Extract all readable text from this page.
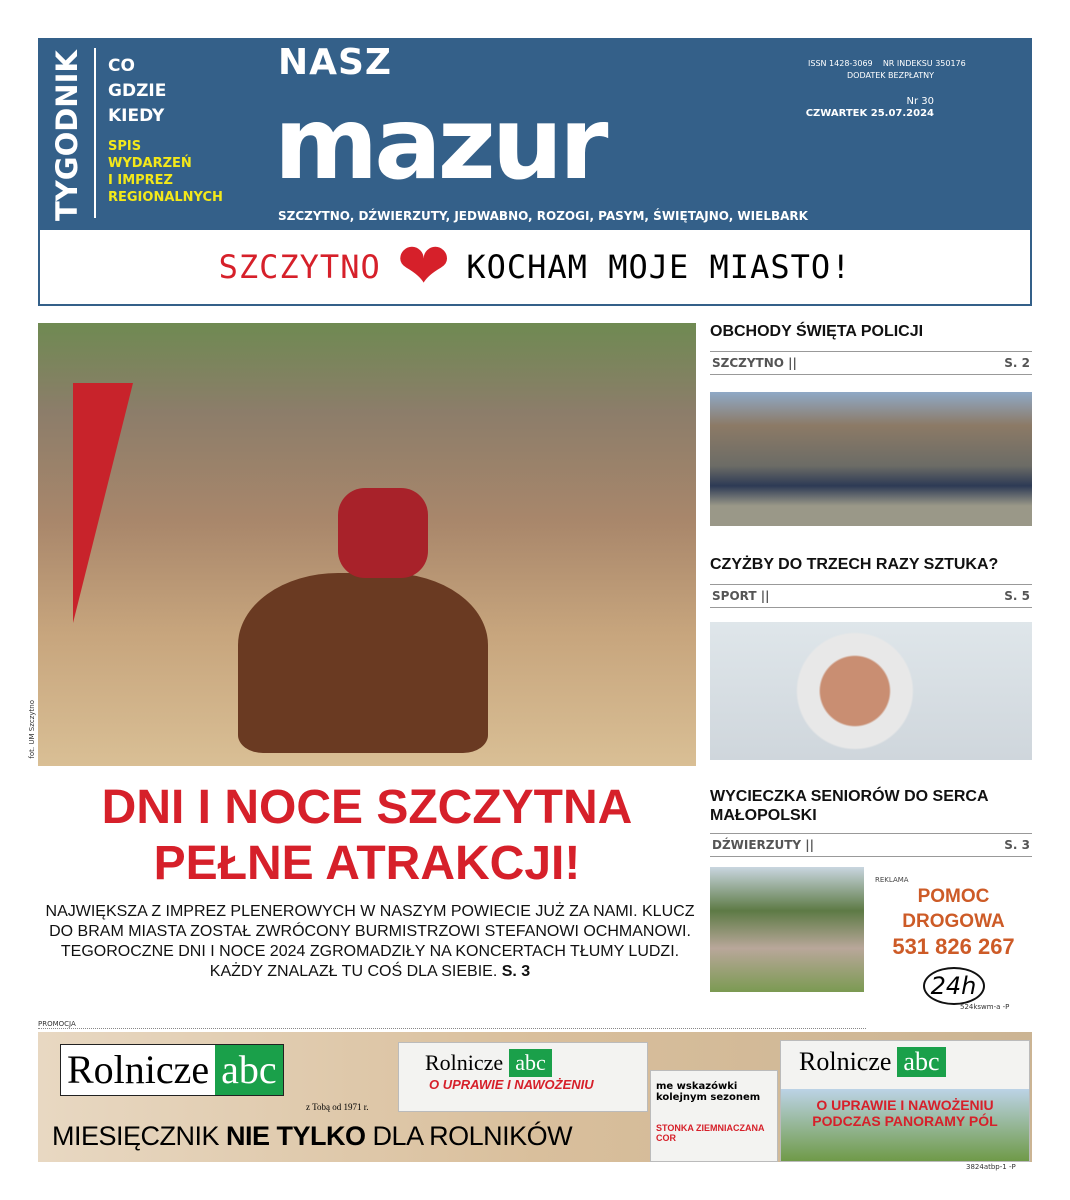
TYGODNIK	CO
GDZIE
KIEDY
SPIS
WYDARZEŃ
I IMPREZ
REGIONALNYCH
NASZ
mazur
SZCZYTNO, DŹWIERZUTY, JEDWABNO, ROZOGI, PASYM, ŚWIĘTAJNO, WIELBARK
ISSN 1428-3069    NR INDEKSU 350176
DODATEK BEZPŁATNY
Nr 30
CZWARTEK 25.07.2024
SZCZYTNO ❤ KOCHAM MOJE MIASTO!
fot. UM Szczytno
DNI I NOCE SZCZYTNA
PEŁNE ATRAKCJI!
NAJWIĘKSZA Z IMPREZ PLENEROWYCH W NASZYM POWIECIE JUŻ ZA NAMI. KLUCZ DO BRAM MIASTA ZOSTAŁ ZWRÓCONY BURMISTRZOWI STEFANOWI OCHMANOWI. TEGOROCZNE DNI I NOCE 2024 ZGROMADZIŁY NA KONCERTACH TŁUMY LUDZI. KAŻDY ZNALAZŁ TU COŚ DLA SIEBIE. S. 3
OBCHODY ŚWIĘTA POLICJI
SZCZYTNO ||	S. 2
CZYŻBY DO TRZECH RAZY SZTUKA?
SPORT ||	S. 5
WYCIECZKA SENIORÓW DO SERCA MAŁOPOLSKI
DŹWIERZUTY ||	S. 3
REKLAMA
POMOC DROGOWA
531 826 267
24h
524kswm-a -P
PROMOCJA
Rolnicze abc
z Tobą od 1971 r.
MIESIĘCZNIK NIE TYLKO DLA ROLNIKÓW
Rolnicze abc
O UPRAWIE I NAWOŻENIU	me wskazówki
kolejnym sezonem
STONKA ZIEMNIACZANA COR
Rolnicze abc
O UPRAWIE I NAWOŻENIU
PODCZAS PANORAMY PÓL
3824atbp-1 -P
